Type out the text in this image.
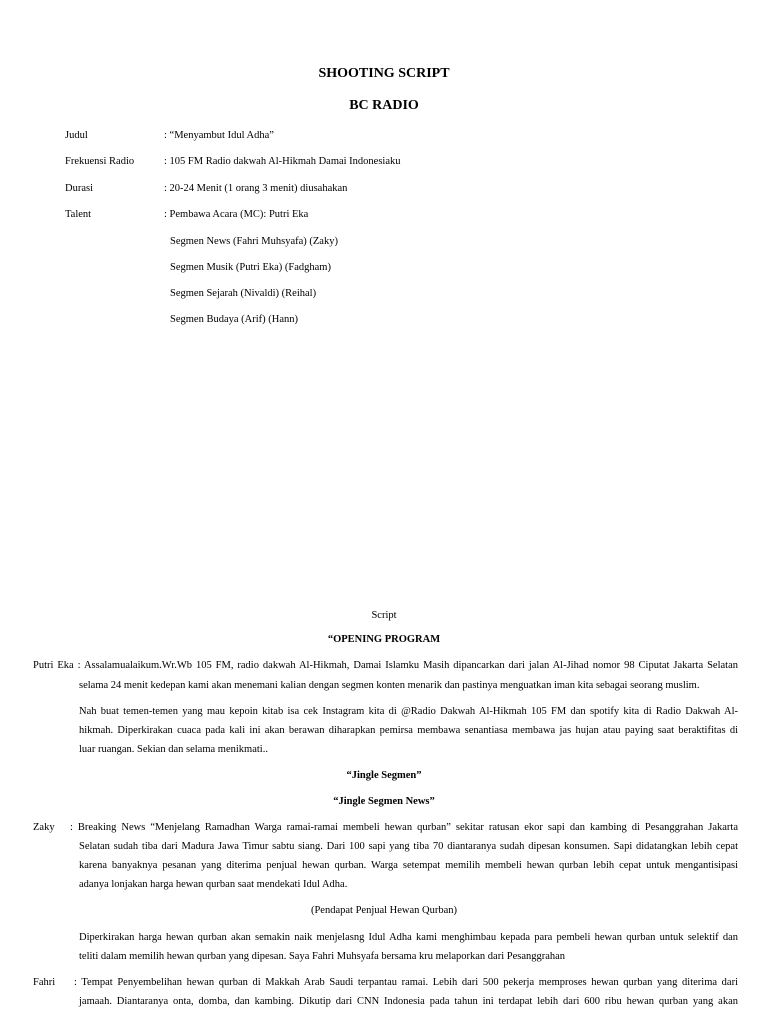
SHOOTING SCRIPT
BC RADIO
Judul	: “Menyambut Idul Adha”
Frekuensi Radio	: 105 FM Radio dakwah Al-Hikmah Damai Indonesiaku
Durasi	: 20-24 Menit (1 orang 3 menit) diusahakan
Talent	: Pembawa Acara (MC): Putri Eka
Segmen News (Fahri Muhsyafa) (Zaky)
Segmen Musik (Putri Eka) (Fadgham)
Segmen Sejarah (Nivaldi) (Reihal)
Segmen Budaya (Arif) (Hann)
Script
“OPENING PROGRAM
Putri Eka : Assalamualaikum.Wr.Wb 105 FM, radio dakwah Al-Hikmah, Damai Islamku Masih dipancarkan dari jalan Al-Jihad nomor 98 Ciputat Jakarta Selatan
selama 24 menit kedepan kami akan menemani kalian dengan segmen konten menarik dan pastinya menguatkan iman kita sebagai seorang muslim.
Nah buat temen-temen yang mau kepoin kitab isa cek Instagram kita di @Radio Dakwah Al-Hikmah 105 FM dan spotify kita di Radio Dakwah Al-
hikmah. Diperkirakan cuaca pada kali ini akan berawan diharapkan pemirsa membawa senantiasa membawa jas hujan atau paying saat beraktifitas di
luar ruangan. Sekian dan selama menikmati..
“Jingle Segmen”
“Jingle Segmen News”
Zaky : Breaking News “Menjelang Ramadhan Warga ramai-ramai membeli hewan qurban” sekitar ratusan ekor sapi dan kambing di Pesanggrahan Jakarta
Selatan sudah tiba dari Madura Jawa Timur sabtu siang. Dari 100 sapi yang tiba 70 diantaranya sudah dipesan konsumen. Sapi didatangkan lebih cepat
karena banyaknya pesanan yang diterima penjual hewan qurban. Warga setempat memilih membeli hewan qurban lebih cepat untuk mengantisipasi
adanya lonjakan harga hewan qurban saat mendekati Idul Adha.
(Pendapat Penjual Hewan Qurban)
Diperkirakan harga hewan qurban akan semakin naik menjelasng Idul Adha kami menghimbau kepada para pembeli hewan qurban untuk selektif dan
teliti dalam memilih hewan qurban yang dipesan. Saya Fahri Muhsyafa bersama kru melaporkan dari Pesanggrahan
Fahri : Tempat Penyembelihan hewan qurban di Makkah Arab Saudi terpantau ramai. Lebih dari 500 pekerja memproses hewan qurban yang diterima dari
jamaah. Diantaranya onta, domba, dan kambing. Dikutip dari CNN Indonesia pada tahun ini terdapat lebih dari 600 ribu hewan qurban yang akan
